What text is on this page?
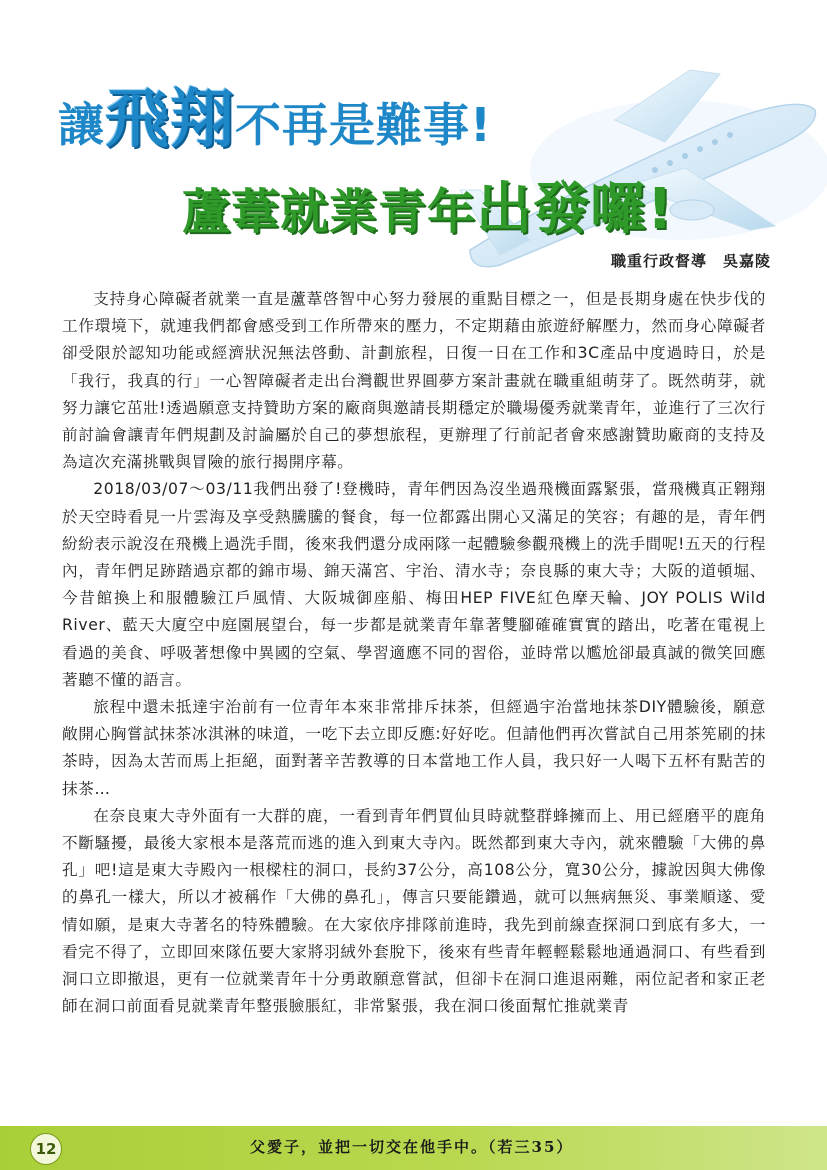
讓飛翔不再是難事!
蘆葦就業青年出發囉!

職重行政督導　吳嘉陵

支持身心障礙者就業一直是蘆葦啓智中心努力發展的重點目標之一，但是長期身處在快步伐的工作環境下，就連我們都會感受到工作所帶來的壓力，不定期藉由旅遊紓解壓力，然而身心障礙者卻受限於認知功能或經濟狀況無法啓動、計劃旅程，日復一日在工作和3C產品中度過時日，於是「我行，我真的行」一心智障礙者走出台灣觀世界圓夢方案計畫就在職重組萌芽了。既然萌芽，就努力讓它茁壯!透過願意支持贊助方案的廠商與邀請長期穩定於職場優秀就業青年，並進行了三次行前討論會讓青年們規劃及討論屬於自己的夢想旅程，更辦理了行前記者會來感謝贊助廠商的支持及為這次充滿挑戰與冒險的旅行揭開序幕。

2018/03/07～03/11我們出發了!登機時，青年們因為沒坐過飛機面露緊張，當飛機真正翱翔於天空時看見一片雲海及享受熱騰騰的餐食，每一位都露出開心又滿足的笑容；有趣的是，青年們紛紛表示說沒在飛機上過洗手間，後來我們還分成兩隊一起體驗參觀飛機上的洗手間呢!五天的行程內，青年們足跡踏過京都的錦市場、錦天滿宮、宇治、清水寺；奈良縣的東大寺；大阪的道頓堀、今昔館換上和服體驗江戶風情、大阪城御座船、梅田HEP FIVE紅色摩天輪、JOY POLIS Wild River、藍天大廈空中庭園展望台，每一步都是就業青年靠著雙腳確確實實的踏出，吃著在電視上看過的美食、呼吸著想像中異國的空氣、學習適應不同的習俗，並時常以尷尬卻最真誠的微笑回應著聽不懂的語言。

旅程中還未抵達宇治前有一位青年本來非常排斥抹茶，但經過宇治當地抹茶DIY體驗後，願意敞開心胸嘗試抹茶冰淇淋的味道，一吃下去立即反應:好好吃。但請他們再次嘗試自己用茶筅刷的抹茶時，因為太苦而馬上拒絕，面對著辛苦教導的日本當地工作人員，我只好一人喝下五杯有點苦的抹茶…

在奈良東大寺外面有一大群的鹿，一看到青年們買仙貝時就整群蜂擁而上、用已經磨平的鹿角不斷騷擾，最後大家根本是落荒而逃的進入到東大寺內。既然都到東大寺內，就來體驗「大佛的鼻孔」吧!這是東大寺殿內一根樑柱的洞口，長約37公分，高108公分，寬30公分，據說因與大佛像的鼻孔一樣大，所以才被稱作「大佛的鼻孔」，傳言只要能鑽過，就可以無病無災、事業順遂、愛情如願，是東大寺著名的特殊體驗。在大家依序排隊前進時，我先到前線查探洞口到底有多大，一看完不得了，立即回來隊伍要大家將羽絨外套脫下，後來有些青年輕輕鬆鬆地通過洞口、有些看到洞口立即撤退，更有一位就業青年十分勇敢願意嘗試，但卻卡在洞口進退兩難，兩位記者和家正老師在洞口前面看見就業青年整張臉脹紅，非常緊張，我在洞口後面幫忙推就業青

12	父愛子，並把一切交在他手中。（若三35）
